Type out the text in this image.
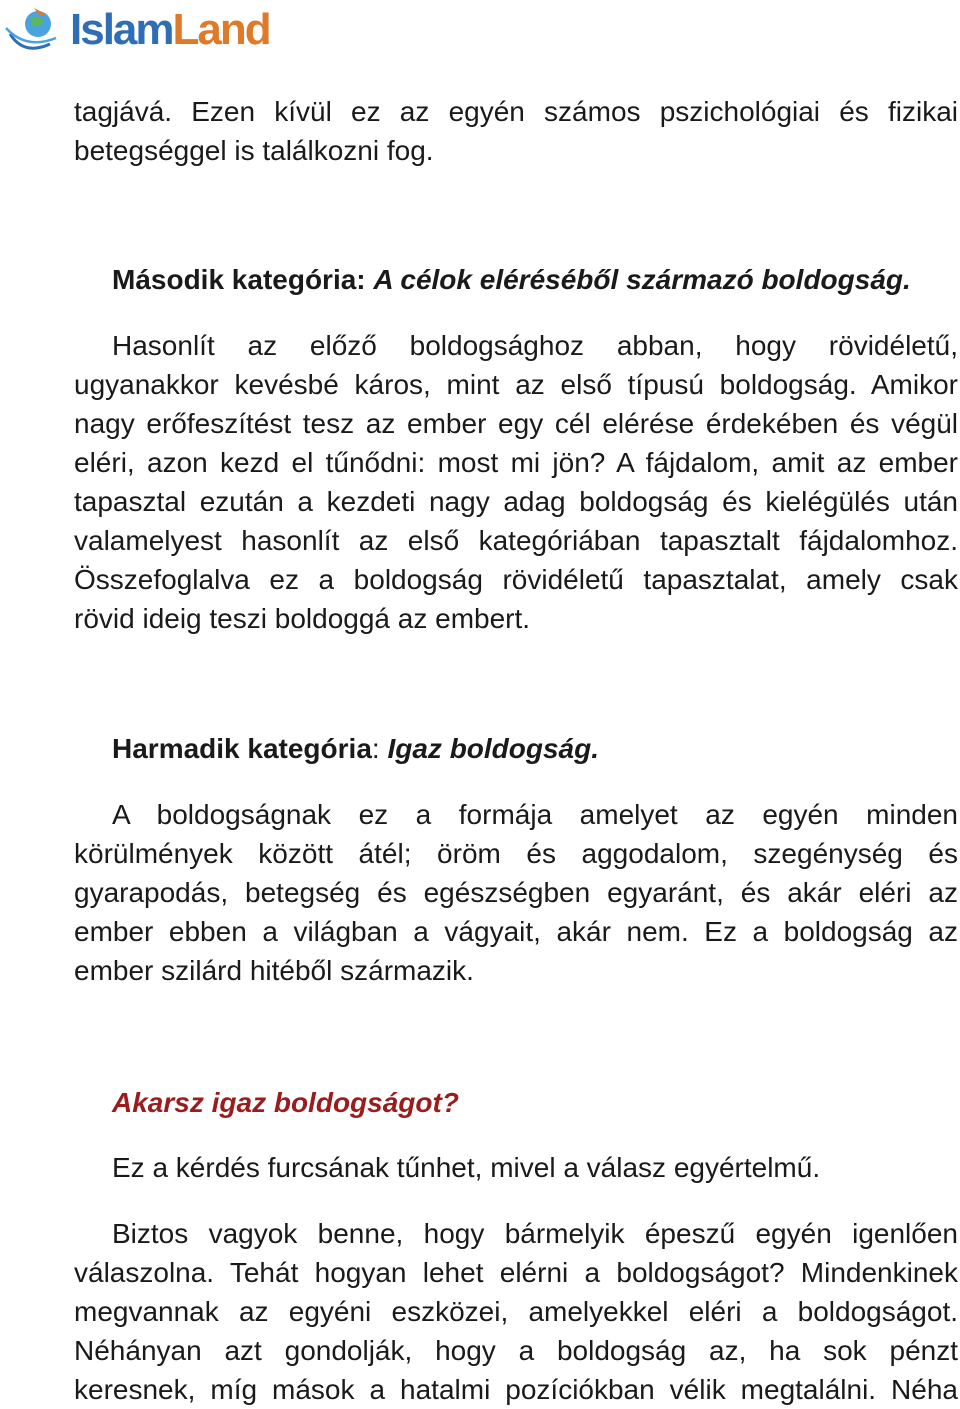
IslamLand

tagjává. Ezen kívül ez az egyén számos pszichológiai és fizikai

betegséggel is találkozni fog.

Második kategória: A célok eléréséből származó boldogság.

Hasonlít az előző boldogsághoz abban, hogy rövidéletű,

ugyanakkor kevésbé káros, mint az első típusú boldogság. Amikor

nagy erőfeszítést tesz az ember egy cél elérése érdekében és végül

eléri, azon kezd el tűnődni: most mi jön? A fájdalom, amit az ember

tapasztal ezután a kezdeti nagy adag boldogság és kielégülés után

valamelyest hasonlít az első kategóriában tapasztalt fájdalomhoz.

Összefoglalva ez a boldogság rövidéletű tapasztalat, amely csak

rövid ideig teszi boldoggá az embert.

Harmadik kategória: Igaz boldogság.

A boldogságnak ez a formája amelyet az egyén minden

körülmények között átél; öröm és aggodalom, szegénység és

gyarapodás, betegség és egészségben egyaránt, és akár eléri az

ember ebben a világban a vágyait, akár nem. Ez a boldogság az

ember szilárd hitéből származik.

Akarsz igaz boldogságot?

Ez a kérdés furcsának tűnhet, mivel a válasz egyértelmű.

Biztos vagyok benne, hogy bármelyik épeszű egyén igenlően

válaszolna. Tehát hogyan lehet elérni a boldogságot? Mindenkinek

megvannak az egyéni eszközei, amelyekkel eléri a boldogságot.

Néhányan azt gondolják, hogy a boldogság az, ha sok pénzt

keresnek, míg mások a hatalmi pozíciókban vélik megtalálni. Néha
